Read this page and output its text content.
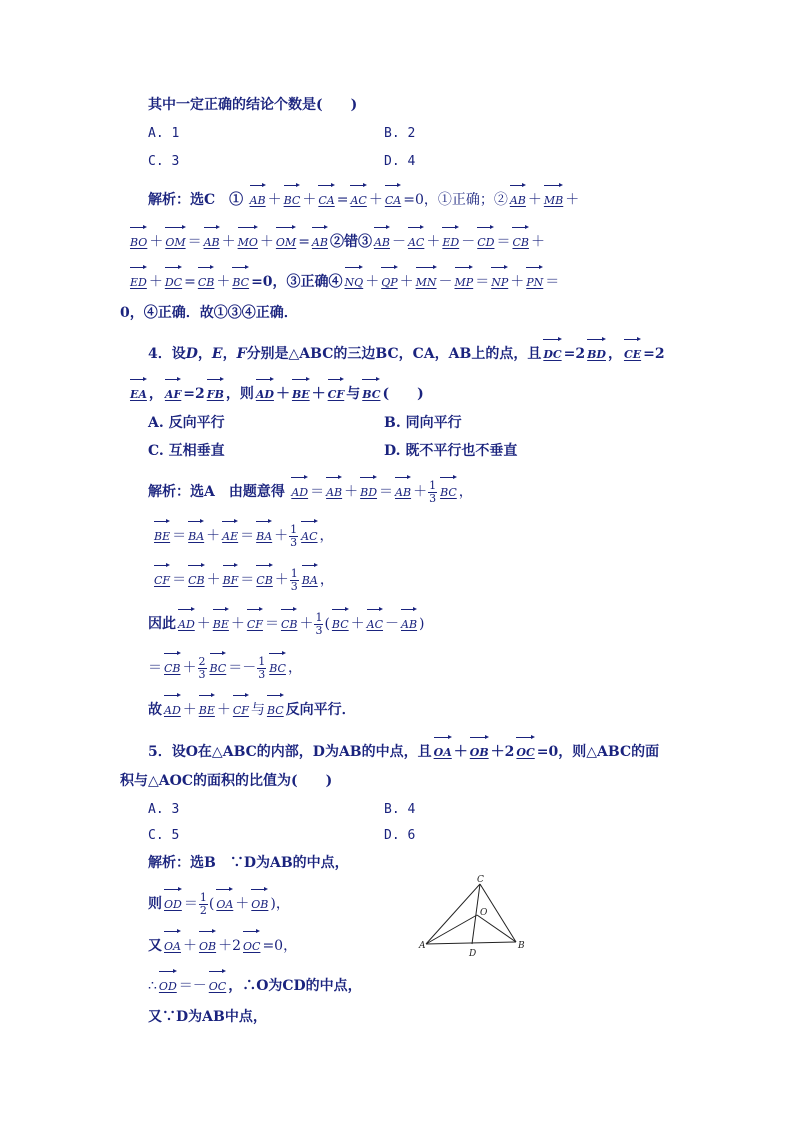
其中一定正确的结论个数是(　　)
A. 1	B. 2
C. 3	D. 4
解析：选C　① AB ＋ BC ＋ CA = AC ＋ CA =0，①正确；② AB ＋ MB ＋
BO ＋ OM ＝ AB ＋ MO ＋ OM = AB ②错③ AB － AC ＋ ED － CD ＝ CB ＋
ED ＋ DC = CB ＋ BC =0，③正确④ NQ ＋ QP ＋ MN － MP ＝ NP ＋ PN ＝
0，④正确．故①③④正确．
4．设D，E，F分别是△ABC的三边BC，CA，AB上的点，且 DC =2 BD ， CE =2
EA ， AF =2 FB ，则 AD ＋ BE ＋ CF 与 BC (　　)
A. 反向平行	B. 同向平行
C. 互相垂直	D. 既不平行也不垂直
解析：选A　由题意得 AD ＝ AB ＋ BD ＝ AB ＋ $\frac{1}{3}$ BC ，
BE ＝ BA ＋ AE ＝ BA ＋ $\frac{1}{3}$ AC ，
CF ＝ CB ＋ BF ＝ CB ＋ $\frac{1}{3}$ BA ，
因此 AD ＋ BE ＋ CF ＝ CB ＋ $\frac{1}{3}$ ( BC ＋ AC － AB )
＝ CB ＋ $\frac{2}{3}$ BC ＝－ $\frac{1}{3}$ BC ，
故 AD ＋ BE ＋ CF 与 BC 反向平行．
5．设O在△ABC的内部，D为AB的中点，且 OA ＋ OB ＋2 OC =0，则△ABC的面
积与△AOC的面积的比值为(　　)
A. 3	B. 4
C. 5	D. 6
解析：选B　∵D为AB的中点，
则 OD ＝ $\frac{1}{2}$ ( OA ＋ OB )，
又 OA ＋ OB ＋2 OC =0，
∴ OD ＝－ OC ，∴O为CD的中点，
又∵D为AB中点，
C
O
A	B
D
